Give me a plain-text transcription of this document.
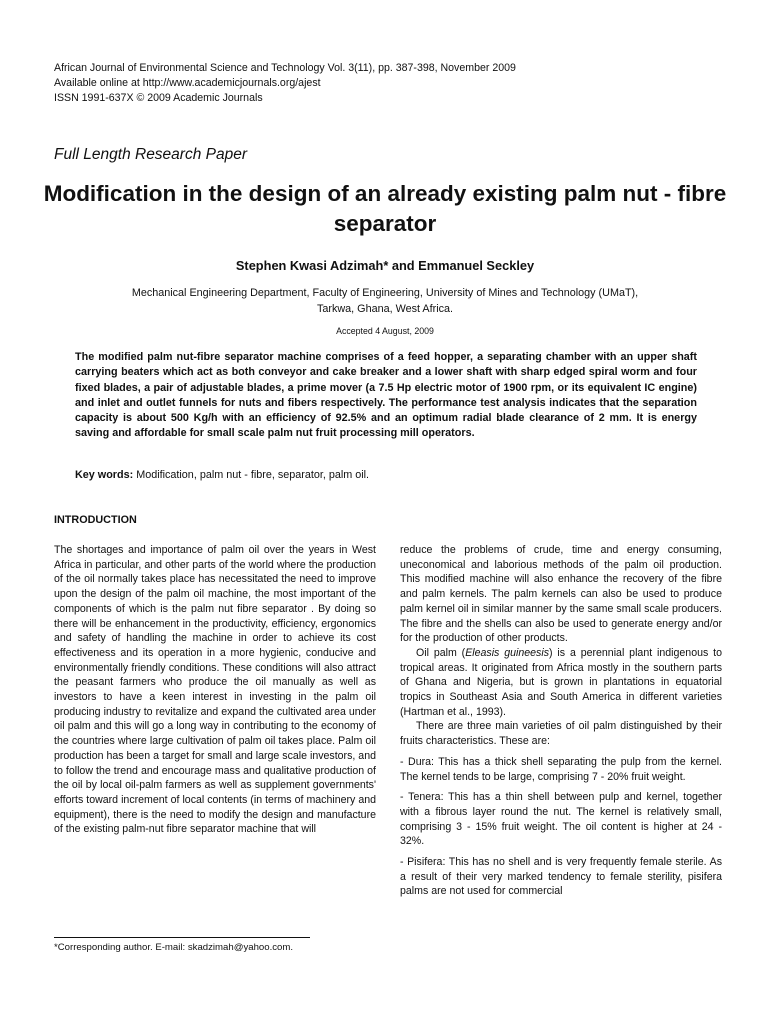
African Journal of Environmental Science and Technology Vol. 3(11), pp. 387-398, November 2009
Available online at http://www.academicjournals.org/ajest
ISSN 1991-637X © 2009 Academic Journals
Full Length Research Paper
Modification in the design of an already existing palm nut - fibre separator
Stephen Kwasi Adzimah* and Emmanuel Seckley
Mechanical Engineering Department, Faculty of Engineering, University of Mines and Technology (UMaT),
Tarkwa, Ghana, West Africa.
Accepted 4 August, 2009
The modified palm nut-fibre separator machine comprises of a feed hopper, a separating chamber with an upper shaft carrying beaters which act as both conveyor and cake breaker and a lower shaft with sharp edged spiral worm and four fixed blades, a pair of adjustable blades, a prime mover (a 7.5 Hp electric motor of 1900 rpm, or its equivalent IC engine) and inlet and outlet funnels for nuts and fibers respectively. The performance test analysis indicates that the separation capacity is about 500 Kg/h with an efficiency of 92.5% and an optimum radial blade clearance of 2 mm. It is energy saving and affordable for small scale palm nut fruit processing mill operators.
Key words: Modification, palm nut - fibre, separator, palm oil.
INTRODUCTION

The shortages and importance of palm oil over the years in West Africa in particular, and other parts of the world where the production of the oil normally takes place has necessitated the need to improve upon the design of the palm oil machine, the most important of the components of which is the palm nut fibre separator . By doing so there will be enhancement in the productivity, efficiency, ergonomics and safety of handling the machine in order to achieve its cost effectiveness and its operation in a more hygienic, conducive and environmentally friendly conditions. These conditions will also attract the peasant farmers who produce the oil manually as well as investors to have a keen interest in investing in the palm oil producing industry to revitalize and expand the cultivated area under oil palm and this will go a long way in contributing to the economy of the countries where large cultivation of palm oil takes place. Palm oil production has been a target for small and large scale investors, and to follow the trend and encourage mass and qualitative production of the oil by local oil-palm farmers as well as supplement governments' efforts toward increment of local contents (in terms of machinery and equipment), there is the need to modify the design and manufacture of the existing palm-nut fibre separator machine that will

reduce the problems of crude, time and energy consuming, uneconomical and laborious methods of the palm oil production. This modified machine will also enhance the recovery of the fibre and palm kernels. The palm kernels can also be used to produce palm kernel oil in similar manner by the same small scale producers. The fibre and the shells can also be used to generate energy and/or for the production of other products.

Oil palm (Eleasis guineesis) is a perennial plant indigenous to tropical areas. It originated from Africa mostly in the southern parts of Ghana and Nigeria, but is grown in plantations in equatorial tropics in Southeast Asia and South America in different varieties (Hartman et al., 1993).

There are three main varieties of oil palm distinguished by their fruits characteristics. These are:

- Dura: This has a thick shell separating the pulp from the kernel. The kernel tends to be large, comprising 7 - 20% fruit weight.

- Tenera: This has a thin shell between pulp and kernel, together with a fibrous layer round the nut. The kernel is relatively small, comprising 3 - 15% fruit weight. The oil content is higher at 24 - 32%.

- Pisifera: This has no shell and is very frequently female sterile. As a result of their very marked tendency to female sterility, pisifera palms are not used for commercial

*Corresponding author. E-mail: skadzimah@yahoo.com.
